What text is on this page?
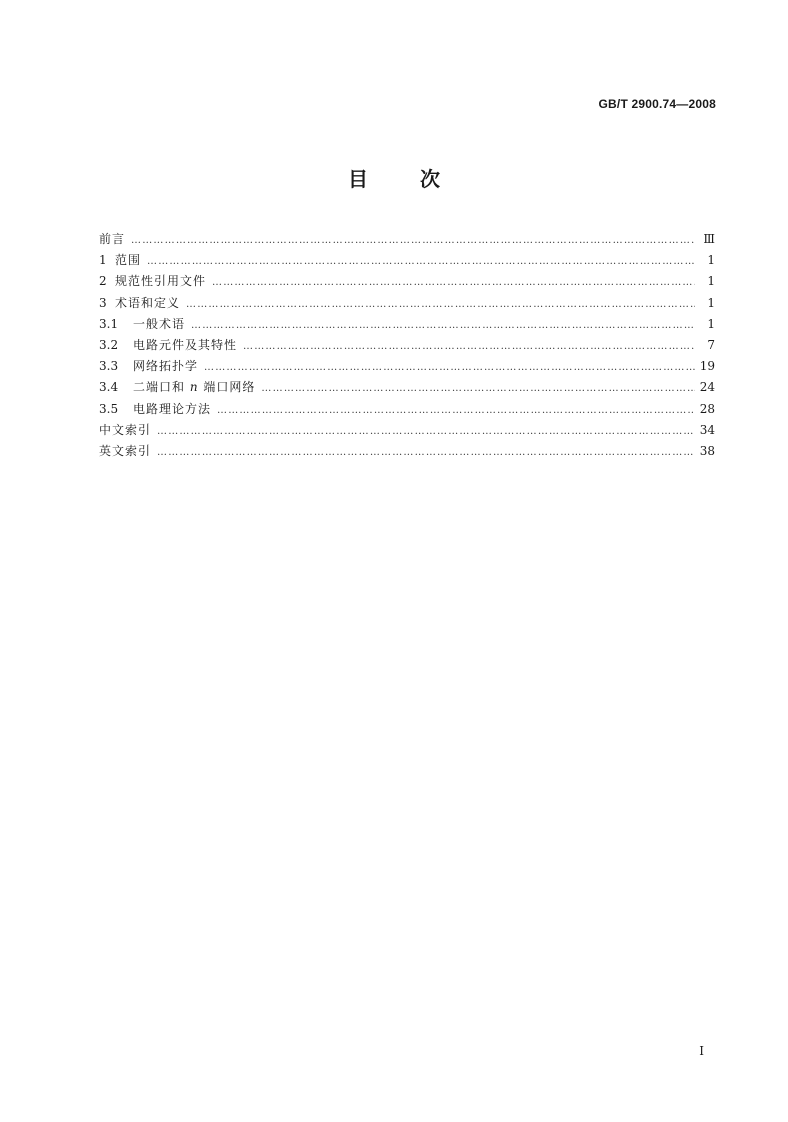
GB/T 2900.74—2008
目	次
前言 ……………………………………………………………………………………………………………………………………………………………………………………………………………	Ⅲ
1 范围 ……………………………………………………………………………………………………………………………………………………………………………………………………………	1
2 规范性引用文件 ……………………………………………………………………………………………………………………………………………………………………………………………………………	1
3 术语和定义 ……………………………………………………………………………………………………………………………………………………………………………………………………………	1
3.1	一般术语 ……………………………………………………………………………………………………………………………………………………………………………………………………………	1
3.2	电路元件及其特性 ……………………………………………………………………………………………………………………………………………………………………………………………………………	7
3.3	网络拓扑学 ……………………………………………………………………………………………………………………………………………………………………………………………………………	19
3.4	二端口和 n 端口网络 ……………………………………………………………………………………………………………………………………………………………………………………………………………	24
3.5	电路理论方法 ……………………………………………………………………………………………………………………………………………………………………………………………………………	28
中文索引 ……………………………………………………………………………………………………………………………………………………………………………………………………………	34
英文索引 ……………………………………………………………………………………………………………………………………………………………………………………………………………	38
I
